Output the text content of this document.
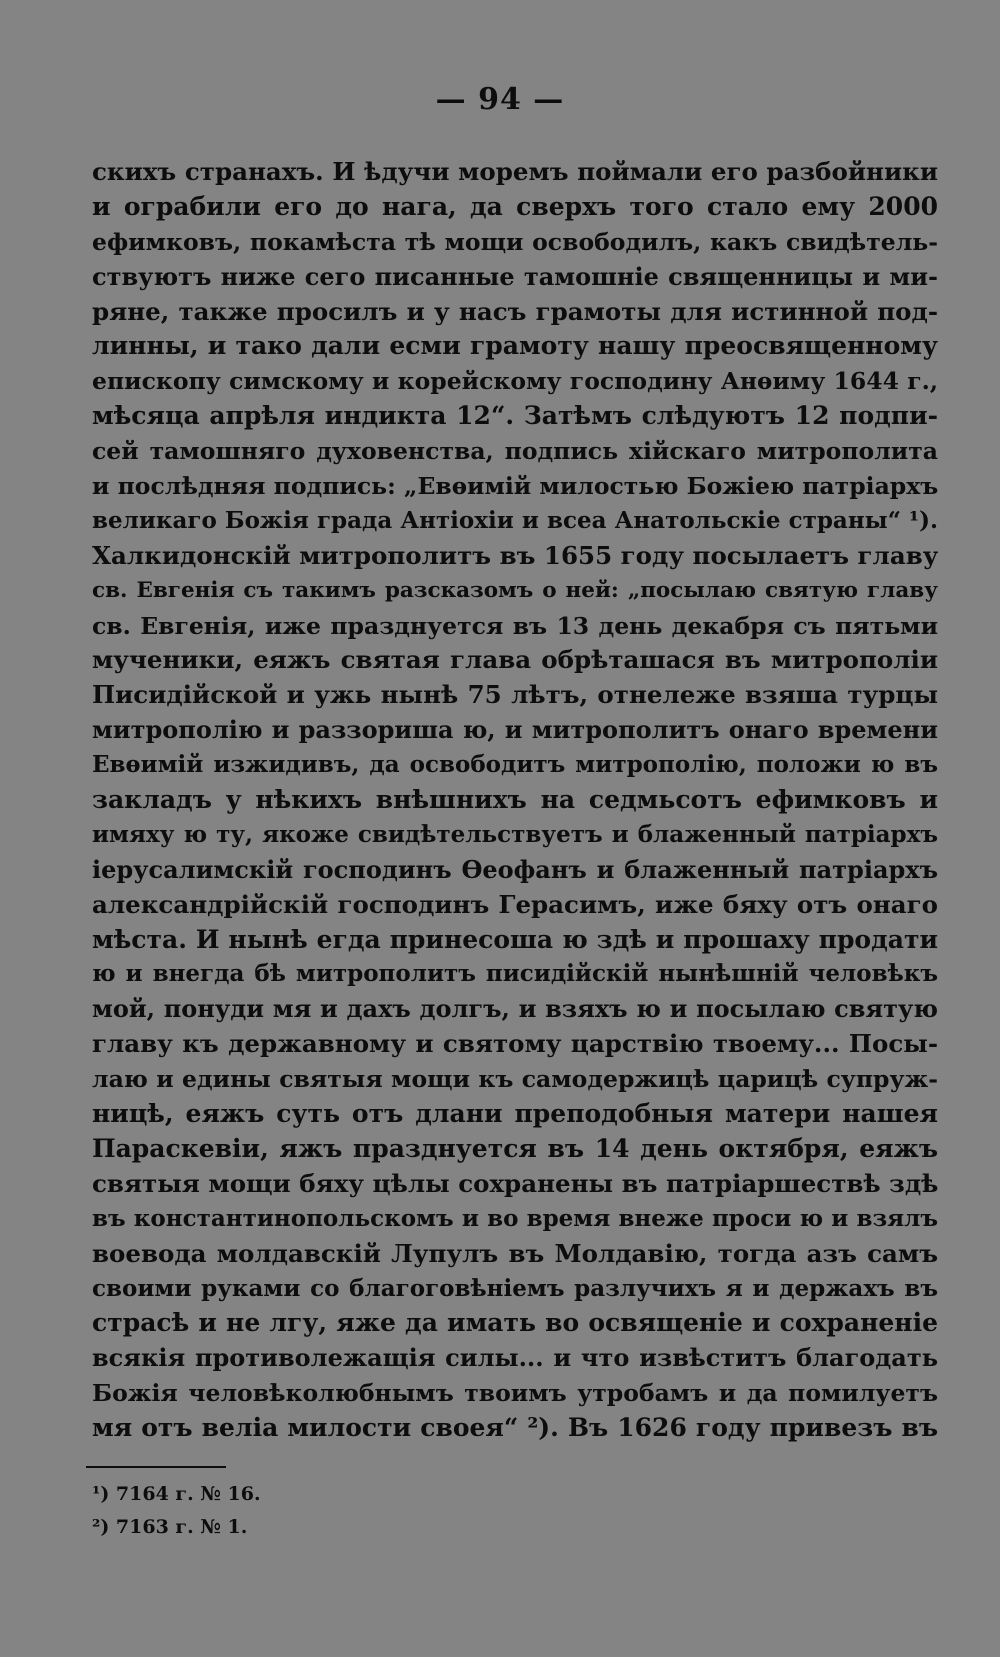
— 94 —
скихъ странахъ. И ѣдучи моремъ поймали его разбойники
и ограбили его до нага, да сверхъ того стало ему 2000
ефимковъ, покамѣста тѣ мощи освободилъ, какъ свидѣтель-
ствуютъ ниже сего писанные тамошніе священницы и ми-
ряне, также просилъ и у насъ грамоты для истинной под-
линны, и тако дали есми грамоту нашу преосвященному
епископу симскому и корейскому господину Анѳиму 1644 г.,
мѣсяца апрѣля индикта 12“. Затѣмъ слѣдуютъ 12 подпи-
сей тамошняго духовенства, подпись хійскаго митрополита
и послѣдняя подпись: „Евѳимій милостью Божіею патріархъ
великаго Божія града Антіохіи и всеа Анатольскіе страны“ ¹).
Халкидонскій митрополитъ въ 1655 году посылаетъ главу
св. Евгенія съ такимъ разсказомъ о ней: „посылаю святую главу
св. Евгенія, иже празднуется въ 13 день декабря съ пятьми
мученики, еяжъ святая глава обрѣташася въ митрополіи
Писидійской и ужь нынѣ 75 лѣтъ, отнележе взяша турцы
митрополію и раззориша ю, и митрополитъ онаго времени
Евѳимій изжидивъ, да освободитъ митрополію, положи ю въ
закладъ у нѣкихъ внѣшнихъ на седмьсотъ ефимковъ и
имяху ю ту, якоже свидѣтельствуетъ и блаженный патріархъ
іерусалимскій господинъ Ѳеофанъ и блаженный патріархъ
александрійскій господинъ Герасимъ, иже бяху отъ онаго
мѣста. И нынѣ егда принесоша ю здѣ и прошаху продати
ю и внегда бѣ митрополитъ писидійскій нынѣшній человѣкъ
мой, понуди мя и дахъ долгъ, и взяхъ ю и посылаю святую
главу къ державному и святому царствію твоему... Посы-
лаю и едины святыя мощи къ самодержицѣ царицѣ супруж-
ницѣ, еяжъ суть отъ длани преподобныя матери нашея
Параскевіи, яжъ празднуется въ 14 день октября, еяжъ
святыя мощи бяху цѣлы сохранены въ патріаршествѣ здѣ
въ константинопольскомъ и во время внеже проси ю и взялъ
воевода молдавскій Лупулъ въ Молдавію, тогда азъ самъ
своими руками со благоговѣніемъ разлучихъ я и держахъ въ
страсѣ и не лгу, яже да имать во освященіе и сохраненіе
всякія противолежащія силы... и что извѣститъ благодать
Божія человѣколюбнымъ твоимъ утробамъ и да помилуетъ
мя отъ веліа милости своея“ ²). Въ 1626 году привезъ въ
¹) 7164 г. № 16.
²) 7163 г. № 1.
